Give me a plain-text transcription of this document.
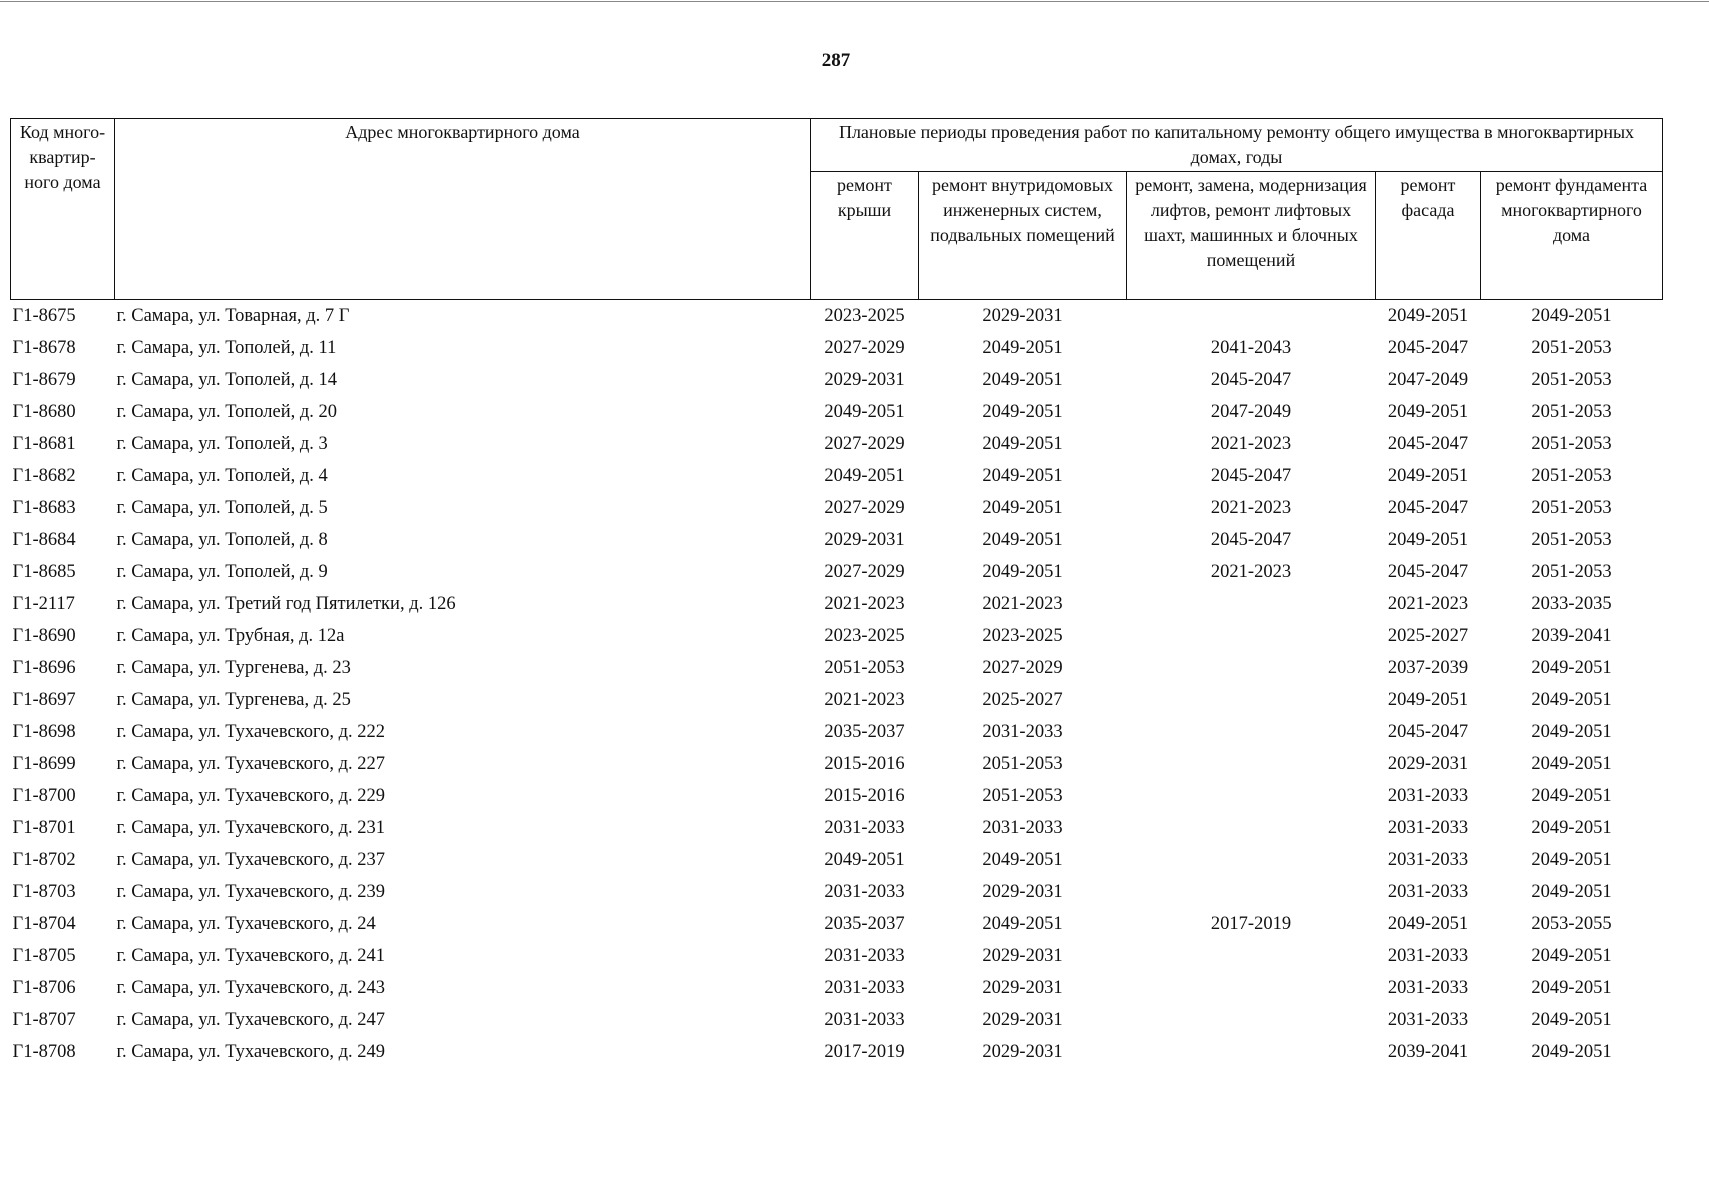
287
Код много-квартир-ного дома	Адрес многоквартирного дома	Плановые периоды проведения работ по капитальному ремонту общего имущества в многоквартирных домах, годы				
		ремонт крыши	ремонт внутридомовых инженерных систем, подвальных помещений	ремонт, замена, модернизация лифтов, ремонт лифтовых шахт, машинных и блочных помещений	ремонт фасада	ремонт фундамента многоквартирного дома
Г1-8675	г. Самара, ул. Товарная, д. 7 Г	2023-2025	2029-2031		2049-2051	2049-2051
Г1-8678	г. Самара, ул. Тополей, д. 11	2027-2029	2049-2051	2041-2043	2045-2047	2051-2053
Г1-8679	г. Самара, ул. Тополей, д. 14	2029-2031	2049-2051	2045-2047	2047-2049	2051-2053
Г1-8680	г. Самара, ул. Тополей, д. 20	2049-2051	2049-2051	2047-2049	2049-2051	2051-2053
Г1-8681	г. Самара, ул. Тополей, д. 3	2027-2029	2049-2051	2021-2023	2045-2047	2051-2053
Г1-8682	г. Самара, ул. Тополей, д. 4	2049-2051	2049-2051	2045-2047	2049-2051	2051-2053
Г1-8683	г. Самара, ул. Тополей, д. 5	2027-2029	2049-2051	2021-2023	2045-2047	2051-2053
Г1-8684	г. Самара, ул. Тополей, д. 8	2029-2031	2049-2051	2045-2047	2049-2051	2051-2053
Г1-8685	г. Самара, ул. Тополей, д. 9	2027-2029	2049-2051	2021-2023	2045-2047	2051-2053
Г1-2117	г. Самара, ул. Третий год Пятилетки, д. 126	2021-2023	2021-2023		2021-2023	2033-2035
Г1-8690	г. Самара, ул. Трубная, д. 12а	2023-2025	2023-2025		2025-2027	2039-2041
Г1-8696	г. Самара, ул. Тургенева, д. 23	2051-2053	2027-2029		2037-2039	2049-2051
Г1-8697	г. Самара, ул. Тургенева, д. 25	2021-2023	2025-2027		2049-2051	2049-2051
Г1-8698	г. Самара, ул. Тухачевского, д. 222	2035-2037	2031-2033		2045-2047	2049-2051
Г1-8699	г. Самара, ул. Тухачевского, д. 227	2015-2016	2051-2053		2029-2031	2049-2051
Г1-8700	г. Самара, ул. Тухачевского, д. 229	2015-2016	2051-2053		2031-2033	2049-2051
Г1-8701	г. Самара, ул. Тухачевского, д. 231	2031-2033	2031-2033		2031-2033	2049-2051
Г1-8702	г. Самара, ул. Тухачевского, д. 237	2049-2051	2049-2051		2031-2033	2049-2051
Г1-8703	г. Самара, ул. Тухачевского, д. 239	2031-2033	2029-2031		2031-2033	2049-2051
Г1-8704	г. Самара, ул. Тухачевского, д. 24	2035-2037	2049-2051	2017-2019	2049-2051	2053-2055
Г1-8705	г. Самара, ул. Тухачевского, д. 241	2031-2033	2029-2031		2031-2033	2049-2051
Г1-8706	г. Самара, ул. Тухачевского, д. 243	2031-2033	2029-2031		2031-2033	2049-2051
Г1-8707	г. Самара, ул. Тухачевского, д. 247	2031-2033	2029-2031		2031-2033	2049-2051
Г1-8708	г. Самара, ул. Тухачевского, д. 249	2017-2019	2029-2031		2039-2041	2049-2051
